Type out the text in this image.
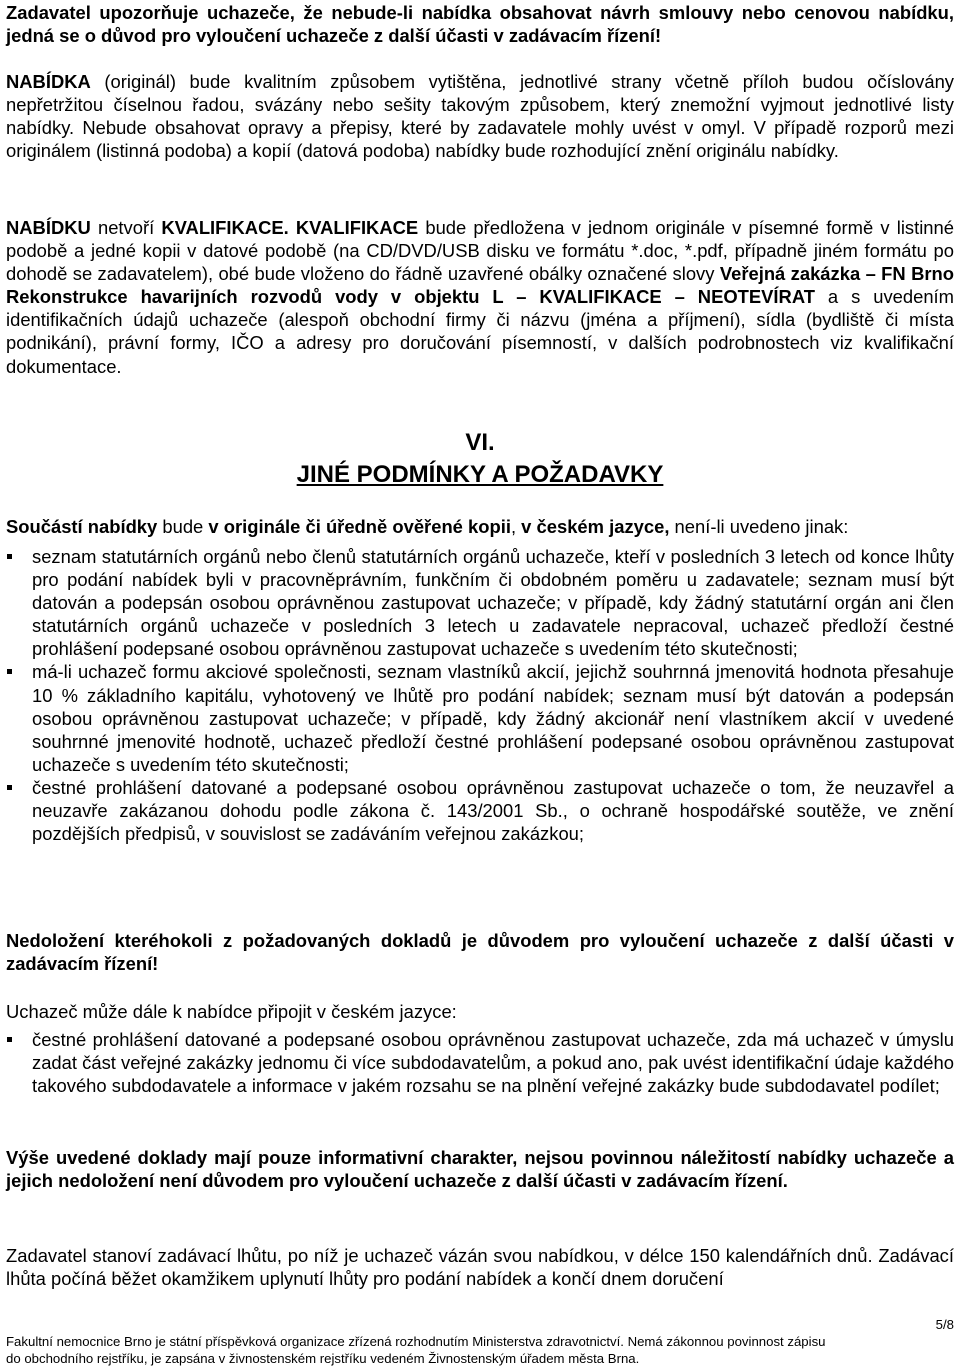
Zadavatel upozorňuje uchazeče, že nebude-li nabídka obsahovat návrh smlouvy nebo cenovou nabídku, jedná se o důvod pro vyloučení uchazeče z další účasti v zadávacím řízení!

NABÍDKA (originál) bude kvalitním způsobem vytištěna, jednotlivé strany včetně příloh budou očíslovány nepřetržitou číselnou řadou, svázány nebo sešity takovým způsobem, který znemožní vyjmout jednotlivé listy nabídky. Nebude obsahovat opravy a přepisy, které by zadavatele mohly uvést v omyl. V případě rozporů mezi originálem (listinná podoba) a kopií (datová podoba) nabídky bude rozhodující znění originálu nabídky.

NABÍDKU netvoří KVALIFIKACE. KVALIFIKACE bude předložena v jednom originále v písemné formě v listinné podobě a jedné kopii v datové podobě (na CD/DVD/USB disku ve formátu *.doc, *.pdf, případně jiném formátu po dohodě se zadavatelem), obé bude vloženo do řádně uzavřené obálky označené slovy Veřejná zakázka – FN Brno Rekonstrukce havarijních rozvodů vody v objektu L – KVALIFIKACE – NEOTEVÍRAT a s uvedením identifikačních údajů uchazeče (alespoň obchodní firmy či názvu (jména a příjmení), sídla (bydliště či místa podnikání), právní formy, IČO a adresy pro doručování písemností, v dalších podrobnostech viz kvalifikační dokumentace.

VI.
JINÉ PODMÍNKY A POŽADAVKY

Součástí nabídky bude v originále či úředně ověřené kopii, v českém jazyce, není-li uvedeno jinak:

seznam statutárních orgánů nebo členů statutárních orgánů uchazeče, kteří v posledních 3 letech od konce lhůty pro podání nabídek byli v pracovněprávním, funkčním či obdobném poměru u zadavatele; seznam musí být datován a podepsán osobou oprávněnou zastupovat uchazeče; v případě, kdy žádný statutární orgán ani člen statutárních orgánů uchazeče v posledních 3 letech u zadavatele nepracoval, uchazeč předloží čestné prohlášení podepsané osobou oprávněnou zastupovat uchazeče s uvedením této skutečnosti;
má-li uchazeč formu akciové společnosti, seznam vlastníků akcií, jejichž souhrnná jmenovitá hodnota přesahuje 10 % základního kapitálu, vyhotovený ve lhůtě pro podání nabídek; seznam musí být datován a podepsán osobou oprávněnou zastupovat uchazeče; v případě, kdy žádný akcionář není vlastníkem akcií v uvedené souhrnné jmenovité hodnotě, uchazeč předloží čestné prohlášení podepsané osobou oprávněnou zastupovat uchazeče s uvedením této skutečnosti;
čestné prohlášení datované a podepsané osobou oprávněnou zastupovat uchazeče o tom, že neuzavřel a neuzavře zakázanou dohodu podle zákona č. 143/2001 Sb., o ochraně hospodářské soutěže, ve znění pozdějších předpisů, v souvislost se zadáváním veřejnou zakázkou;

Nedoložení kteréhokoli z požadovaných dokladů je důvodem pro vyloučení uchazeče z další účasti v zadávacím řízení!

Uchazeč může dále k nabídce připojit v českém jazyce:

čestné prohlášení datované a podepsané osobou oprávněnou zastupovat uchazeče, zda má uchazeč v úmyslu zadat část veřejné zakázky jednomu či více subdodavatelům, a pokud ano, pak uvést identifikační údaje každého takového subdodavatele a informace v jakém rozsahu se na plnění veřejné zakázky bude subdodavatel podílet;

Výše uvedené doklady mají pouze informativní charakter, nejsou povinnou náležitostí nabídky uchazeče a jejich nedoložení není důvodem pro vyloučení uchazeče z další účasti v zadávacím řízení.

Zadavatel stanoví zadávací lhůtu, po níž je uchazeč vázán svou nabídkou, v délce 150 kalendářních dnů. Zadávací lhůta počíná běžet okamžikem uplynutí lhůty pro podání nabídek a končí dnem doručení

5/8
Fakultní nemocnice Brno je státní příspěvková organizace zřízená rozhodnutím Ministerstva zdravotnictví. Nemá zákonnou povinnost zápisu
do obchodního rejstříku, je zapsána v živnostenském rejstříku vedeném Živnostenským úřadem města Brna.
